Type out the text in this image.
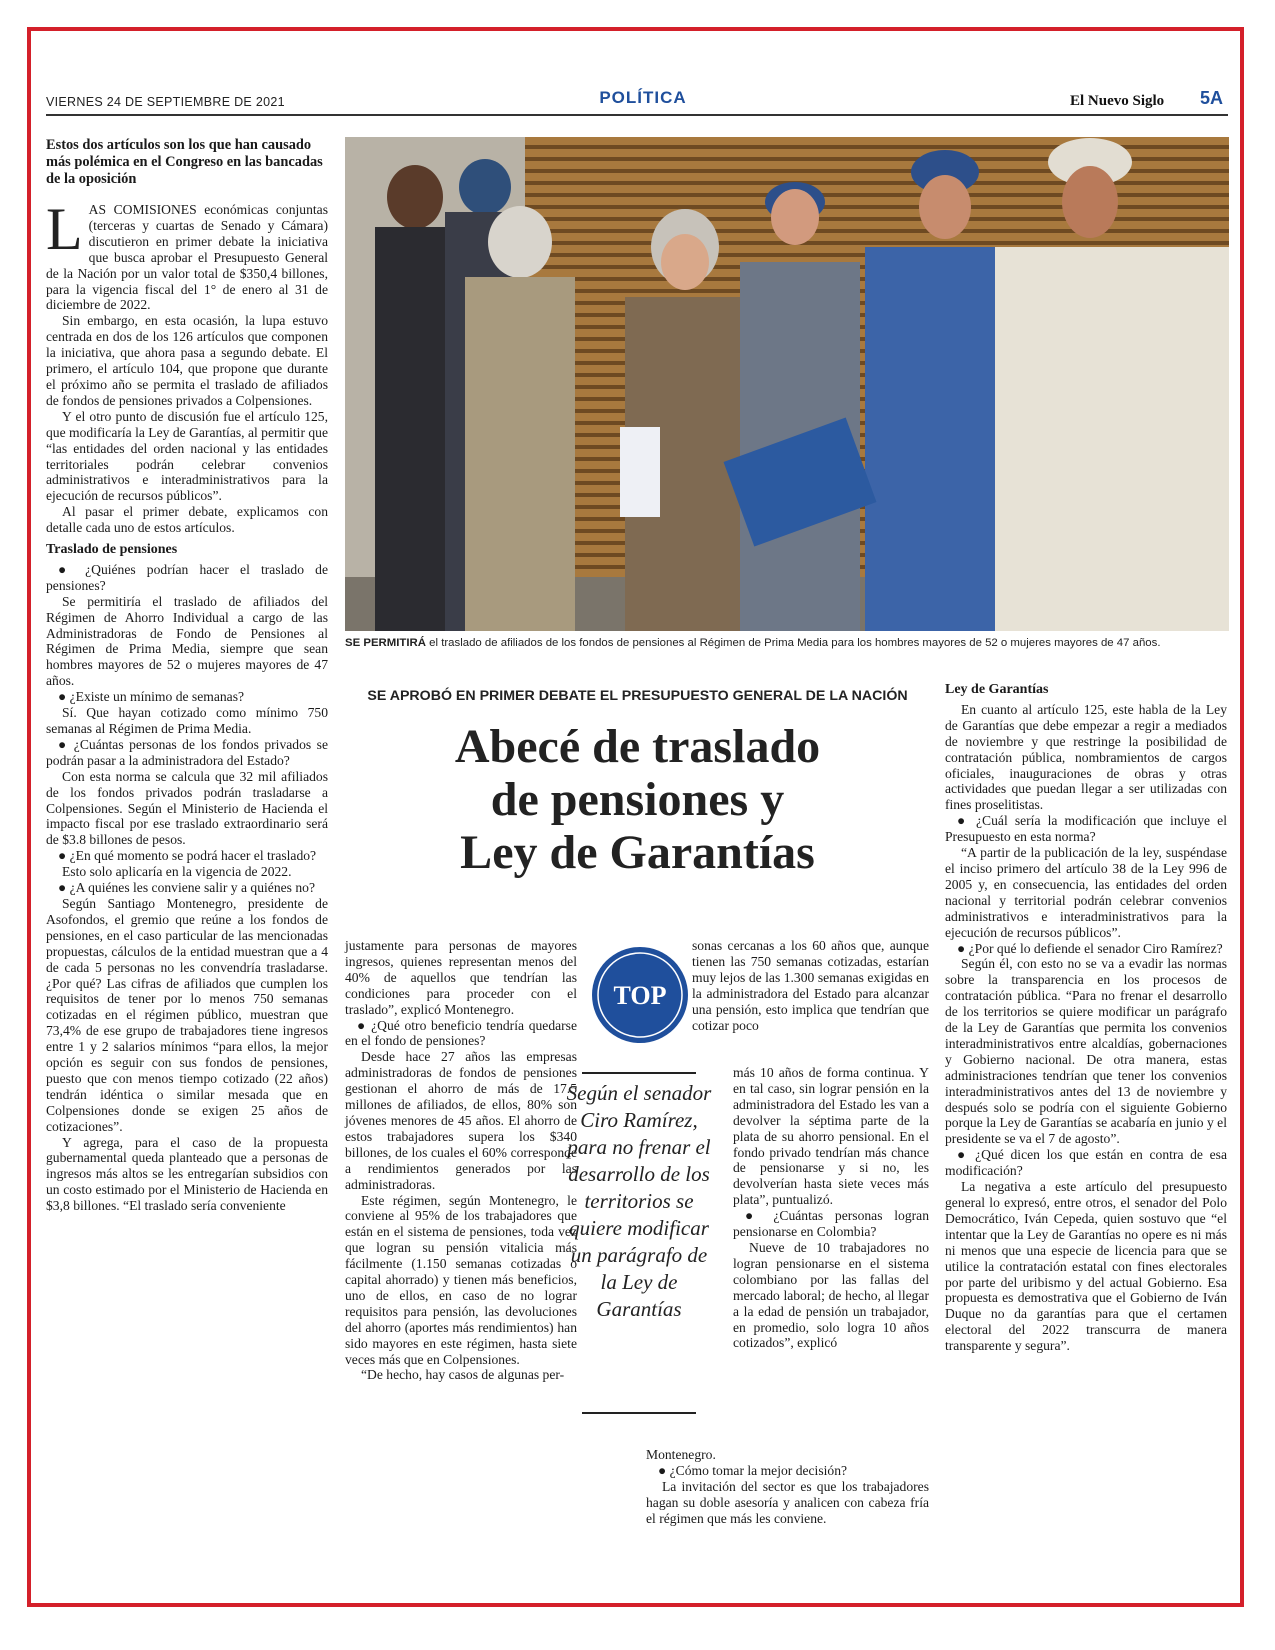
VIERNES 24 DE SEPTIEMBRE DE 2021	POLÍTICA	El Nuevo Siglo 5A
Estos dos artículos son los que han causado más polémica en el Congreso en las bancadas de la oposición

LAS COMISIONES económicas conjuntas (terceras y cuartas de Senado y Cámara) discutieron en primer debate la iniciativa que busca aprobar el Presupuesto General de la Nación por un valor total de $350,4 billones, para la vigencia fiscal del 1° de enero al 31 de diciembre de 2022.

Sin embargo, en esta ocasión, la lupa estuvo centrada en dos de los 126 artículos que componen la iniciativa, que ahora pasa a segundo debate. El primero, el artículo 104, que propone que durante el próximo año se permita el traslado de afiliados de fondos de pensiones privados a Colpensiones.

Y el otro punto de discusión fue el artículo 125, que modificaría la Ley de Garantías, al permitir que “las entidades del orden nacional y las entidades territoriales podrán celebrar convenios administrativos e interadministrativos para la ejecución de recursos públicos”.

Al pasar el primer debate, explicamos con detalle cada uno de estos artículos.

Traslado de pensiones

● ¿Quiénes podrían hacer el traslado de pensiones?

Se permitiría el traslado de afiliados del Régimen de Ahorro Individual a cargo de las Administradoras de Fondo de Pensiones al Régimen de Prima Media, siempre que sean hombres mayores de 52 o mujeres mayores de 47 años.

● ¿Existe un mínimo de semanas?

Sí. Que hayan cotizado como mínimo 750 semanas al Régimen de Prima Media.

● ¿Cuántas personas de los fondos privados se podrán pasar a la administradora del Estado?

Con esta norma se calcula que 32 mil afiliados de los fondos privados podrán trasladarse a Colpensiones. Según el Ministerio de Hacienda el impacto fiscal por ese traslado extraordinario será de $3.8 billones de pesos.

● ¿En qué momento se podrá hacer el traslado?

Esto solo aplicaría en la vigencia de 2022.

● ¿A quiénes les conviene salir y a quiénes no?

Según Santiago Montenegro, presidente de Asofondos, el gremio que reúne a los fondos de pensiones, en el caso particular de las mencionadas propuestas, cálculos de la entidad muestran que a 4 de cada 5 personas no les convendría trasladarse. ¿Por qué? Las cifras de afiliados que cumplen los requisitos de tener por lo menos 750 semanas cotizadas en el régimen público, muestran que 73,4% de ese grupo de trabajadores tiene ingresos entre 1 y 2 salarios mínimos “para ellos, la mejor opción es seguir con sus fondos de pensiones, puesto que con menos tiempo cotizado (22 años) tendrán idéntica o similar mesada que en Colpensiones donde se exigen 25 años de cotizaciones”.

Y agrega, para el caso de la propuesta gubernamental queda planteado que a personas de ingresos más altos se les entregarían subsidios con un costo estimado por el Ministerio de Hacienda en $3,8 billones. “El traslado sería conveniente

SE PERMITIRÁ el traslado de afiliados de los fondos de pensiones al Régimen de Prima Media para los hombres mayores de 52 o mujeres mayores de 47 años.
SE APROBÓ EN PRIMER DEBATE EL PRESUPUESTO GENERAL DE LA NACIÓN
Abecé de traslado
de pensiones y
Ley de Garantías

justamente para personas de mayores ingresos, quienes representan menos del 40% de aquellos que tendrían las condiciones para proceder con el traslado”, explicó Montenegro.

● ¿Qué otro beneficio tendría quedarse en el fondo de pensiones?

Desde hace 27 años las empresas administradoras de fondos de pensiones gestionan el ahorro de más de 17.5 millones de afiliados, de ellos, 80% son jóvenes menores de 45 años. El ahorro de estos trabajadores supera los $340 billones, de los cuales el 60% corresponde a rendimientos generados por las administradoras.

Este régimen, según Montenegro, le conviene al 95% de los trabajadores que están en el sistema de pensiones, toda vez que logran su pensión vitalicia más fácilmente (1.150 semanas cotizadas o capital ahorrado) y tienen más beneficios, uno de ellos, en caso de no lograr requisitos para pensión, las devoluciones del ahorro (aportes más rendimientos) han sido mayores en este régimen, hasta siete veces más que en Colpensiones.

“De hecho, hay casos de algunas per-

TOP
Según el senador Ciro Ramírez, para no frenar el desarrollo de los territorios se quiere modificar un parágrafo de la Ley de Garantías

sonas cercanas a los 60 años que, aunque tienen las 750 semanas cotizadas, estarían muy lejos de las 1.300 semanas exigidas en la administradora del Estado para alcanzar una pensión, esto implica que tendrían que cotizar poco

más 10 años de forma continua. Y en tal caso, sin lograr pensión en la administradora del Estado les van a devolver la séptima parte de la plata de su ahorro pensional. En el fondo privado tendrían más chance de pensionarse y si no, les devolverían hasta siete veces más plata”, puntualizó.

● ¿Cuántas personas logran pensionarse en Colombia?

Nueve de 10 trabajadores no logran pensionarse en el sistema colombiano por las fallas del mercado laboral; de hecho, al llegar a la edad de pensión un trabajador, en promedio, solo logra 10 años cotizados”, explicó

Montenegro.

● ¿Cómo tomar la mejor decisión?

La invitación del sector es que los trabajadores hagan su doble asesoría y analicen con cabeza fría el régimen que más les conviene.

Ley de Garantías

En cuanto al artículo 125, este habla de la Ley de Garantías que debe empezar a regir a mediados de noviembre y que restringe la posibilidad de contratación pública, nombramientos de cargos oficiales, inauguraciones de obras y otras actividades que puedan llegar a ser utilizadas con fines proselitistas.

● ¿Cuál sería la modificación que incluye el Presupuesto en esta norma?

“A partir de la publicación de la ley, suspéndase el inciso primero del artículo 38 de la Ley 996 de 2005 y, en consecuencia, las entidades del orden nacional y territorial podrán celebrar convenios administrativos e interadministrativos para la ejecución de recursos públicos”.

● ¿Por qué lo defiende el senador Ciro Ramírez?

Según él, con esto no se va a evadir las normas sobre la transparencia en los procesos de contratación pública. “Para no frenar el desarrollo de los territorios se quiere modificar un parágrafo de la Ley de Garantías que permita los convenios interadministrativos entre alcaldías, gobernaciones y Gobierno nacional. De otra manera, estas administraciones tendrían que tener los convenios interadministrativos antes del 13 de noviembre y después solo se podría con el siguiente Gobierno porque la Ley de Garantías se acabaría en junio y el presidente se va el 7 de agosto”.

● ¿Qué dicen los que están en contra de esa modificación?

La negativa a este artículo del presupuesto general lo expresó, entre otros, el senador del Polo Democrático, Iván Cepeda, quien sostuvo que “el intentar que la Ley de Garantías no opere es ni más ni menos que una especie de licencia para que se utilice la contratación estatal con fines electorales por parte del uribismo y del actual Gobierno. Esa propuesta es demostrativa que el Gobierno de Iván Duque no da garantías para que el certamen electoral del 2022 transcurra de manera transparente y segura”.
